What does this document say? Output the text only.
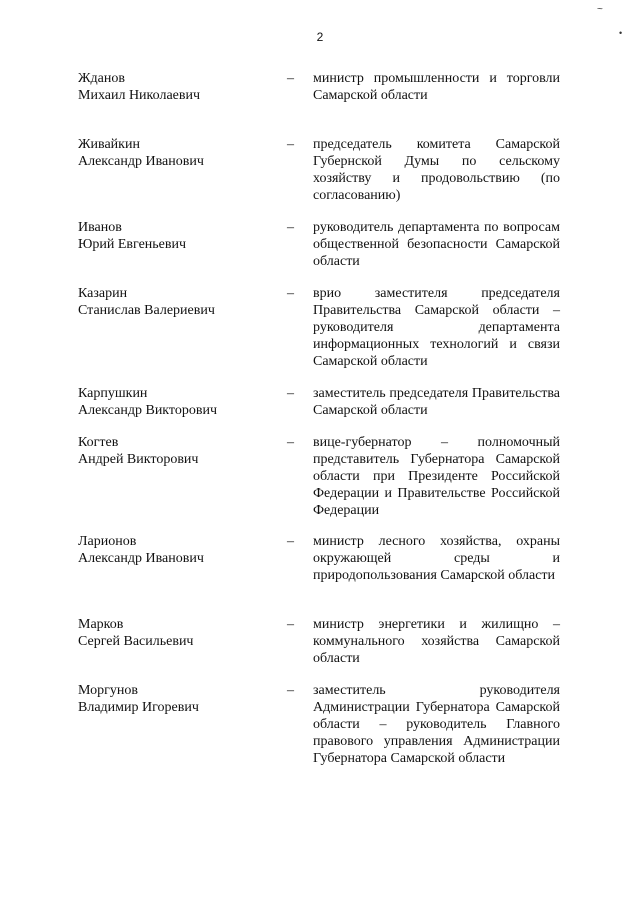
2
~
•
Жданов
Михаил Николаевич
–	министр промышленности и торговли Самарской области
Живайкин
Александр Иванович
–	председатель комитета Самарской Губернской Думы по сельскому хозяйству и продовольствию (по согласованию)
Иванов
Юрий Евгеньевич
–	руководитель департамента по вопросам общественной безопасности Самарской области
Казарин
Станислав Валериевич
–	врио заместителя председателя Правительства Самарской области – руководителя департамента информационных технологий и связи Самарской области
Карпушкин
Александр Викторович
–	заместитель председателя Правительства Самарской области
Когтев
Андрей Викторович
–	вице-губернатор – полномочный представитель Губернатора Самарской области при Президенте Российской Федерации и Правительстве Российской Федерации
Ларионов
Александр Иванович
–	министр лесного хозяйства, охраны окружающей среды и природопользования Самарской области
Марков
Сергей Васильевич
–	министр энергетики и жилищно – коммунального хозяйства Самарской области
Моргунов
Владимир Игоревич
–	заместитель руководителя Администрации Губернатора Самарской области – руководитель Главного правового управления Администрации Губернатора Самарской области
